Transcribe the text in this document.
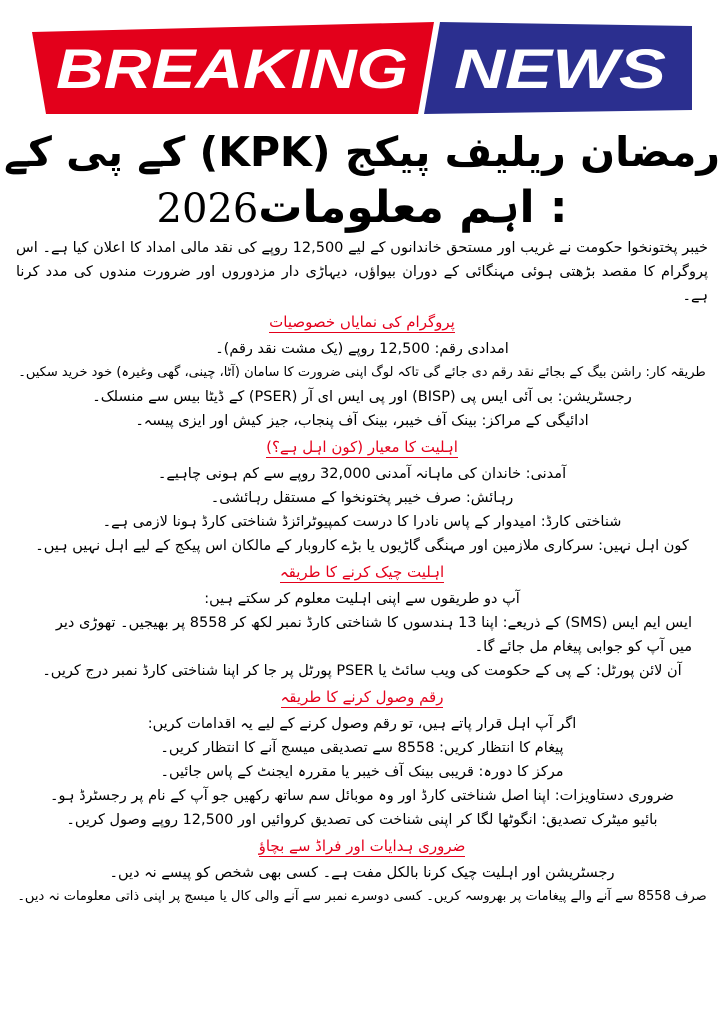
BREAKING NEWS
کے پی کے (KPK) رمضان ریلیف پیکج
: اہم معلومات2026

خیبر پختونخوا حکومت نے غریب اور مستحق خاندانوں کے لیے 12,500 روپے کی نقد مالی امداد کا اعلان کیا ہے۔ اس پروگرام کا مقصد بڑھتی ہوئی مہنگائی کے دوران بیواؤں، دیہاڑی دار مزدوروں اور ضرورت مندوں کی مدد کرنا ہے۔

پروگرام کی نمایاں خصوصیات

امدادی رقم: 12,500 روپے (یک مشت نقد رقم)۔

طریقہ کار: راشن بیگ کے بجائے نقد رقم دی جائے گی تاکہ لوگ اپنی ضرورت کا سامان (آٹا، چینی، گھی وغیرہ) خود خرید سکیں۔

رجسٹریشن: بی آئی ایس پی (BISP) اور پی ایس ای آر (PSER) کے ڈیٹا بیس سے منسلک۔

ادائیگی کے مراکز: بینک آف خیبر، بینک آف پنجاب، جیز کیش اور ایزی پیسہ۔

اہلیت کا معیار (کون اہل ہے؟)

آمدنی: خاندان کی ماہانہ آمدنی 32,000 روپے سے کم ہونی چاہیے۔

رہائش: صرف خیبر پختونخوا کے مستقل رہائشی۔

شناختی کارڈ: امیدوار کے پاس نادرا کا درست کمپیوٹرائزڈ شناختی کارڈ ہونا لازمی ہے۔

کون اہل نہیں: سرکاری ملازمین اور مہنگی گاڑیوں یا بڑے کاروبار کے مالکان اس پیکج کے لیے اہل نہیں ہیں۔

اہلیت چیک کرنے کا طریقہ

آپ دو طریقوں سے اپنی اہلیت معلوم کر سکتے ہیں:

ایس ایم ایس (SMS) کے ذریعے: اپنا 13 ہندسوں کا شناختی کارڈ نمبر لکھ کر 8558 پر بھیجیں۔ تھوڑی دیر میں آپ کو جوابی پیغام مل جائے گا۔

آن لائن پورٹل: کے پی کے حکومت کی ویب سائٹ یا PSER پورٹل پر جا کر اپنا شناختی کارڈ نمبر درج کریں۔

رقم وصول کرنے کا طریقہ

اگر آپ اہل قرار پاتے ہیں، تو رقم وصول کرنے کے لیے یہ اقدامات کریں:

پیغام کا انتظار کریں: 8558 سے تصدیقی میسج آنے کا انتظار کریں۔

مرکز کا دورہ: قریبی بینک آف خیبر یا مقررہ ایجنٹ کے پاس جائیں۔

ضروری دستاویزات: اپنا اصل شناختی کارڈ اور وہ موبائل سم ساتھ رکھیں جو آپ کے نام پر رجسٹرڈ ہو۔

بائیو میٹرک تصدیق: انگوٹھا لگا کر اپنی شناخت کی تصدیق کروائیں اور 12,500 روپے وصول کریں۔

ضروری ہدایات اور فراڈ سے بچاؤ

رجسٹریشن اور اہلیت چیک کرنا بالکل مفت ہے۔ کسی بھی شخص کو پیسے نہ دیں۔

صرف 8558 سے آنے والے پیغامات پر بھروسہ کریں۔ کسی دوسرے نمبر سے آنے والی کال یا میسج پر اپنی ذاتی معلومات نہ دیں۔
